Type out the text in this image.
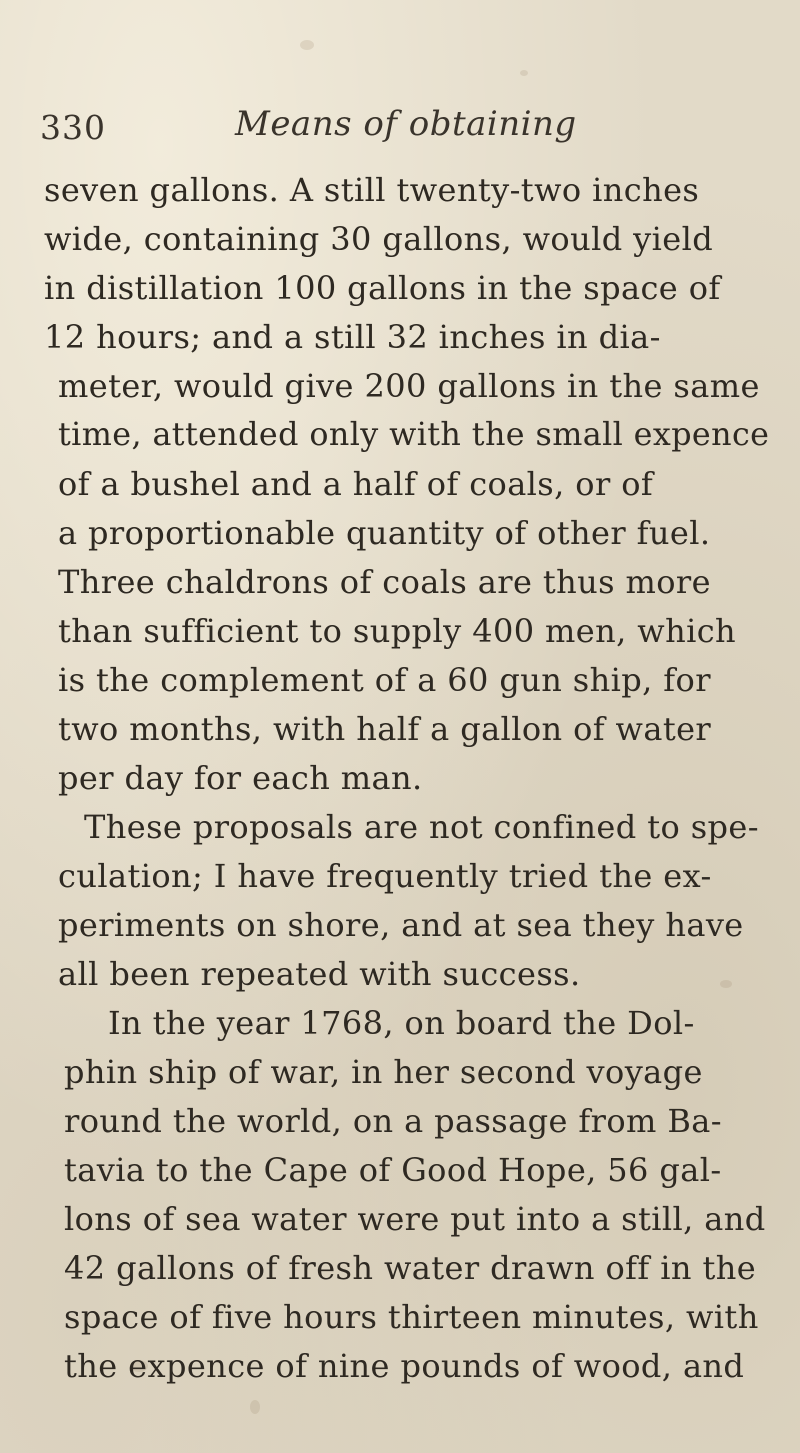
330	Means of obtaining
seven gallons. A still twenty-two inches
wide, containing 30 gallons, would yield
in distillation 100 gallons in the space of
12 hours; and a still 32 inches in dia-
meter, would give 200 gallons in the same
time, attended only with the small expence
of a bushel and a half of coals, or of
a proportionable quantity of other fuel.
Three chaldrons of coals are thus more
than sufficient to supply 400 men, which
is the complement of a 60 gun ship, for
two months, with half a gallon of water
per day for each man.
These proposals are not confined to spe-
culation; I have frequently tried the ex-
periments on shore, and at sea they have
all been repeated with success.
In the year 1768, on board the Dol-
phin ship of war, in her second voyage
round the world, on a passage from Ba-
tavia to the Cape of Good Hope, 56 gal-
lons of sea water were put into a still, and
42 gallons of fresh water drawn off in the
space of five hours thirteen minutes, with
the expence of nine pounds of wood, and
